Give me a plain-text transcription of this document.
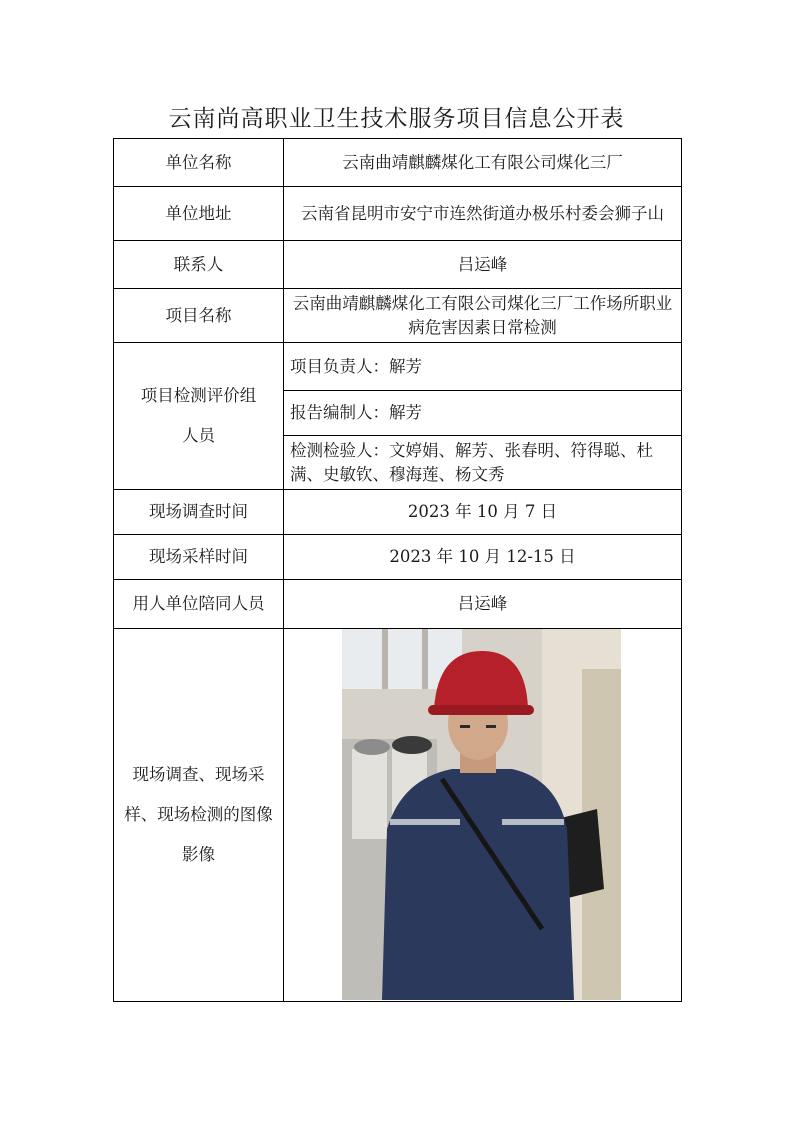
云南尚高职业卫生技术服务项目信息公开表
单位名称	云南曲靖麒麟煤化工有限公司煤化三厂
单位地址	云南省昆明市安宁市连然街道办极乐村委会狮子山
联系人	吕运峰
项目名称	云南曲靖麒麟煤化工有限公司煤化三厂工作场所职业病危害因素日常检测

项目检测评价组人员	项目负责人：解芳
	报告编制人：解芳
	检测检验人：文婷娟、解芳、张春明、符得聪、杜满、史敏钦、穆海莲、杨文秀
现场调查时间	2023 年 10 月 7 日
现场采样时间	2023 年 10 月 12-15 日
用人单位陪同人员	吕运峰

现场调查、现场采样、现场检测的图像影像
